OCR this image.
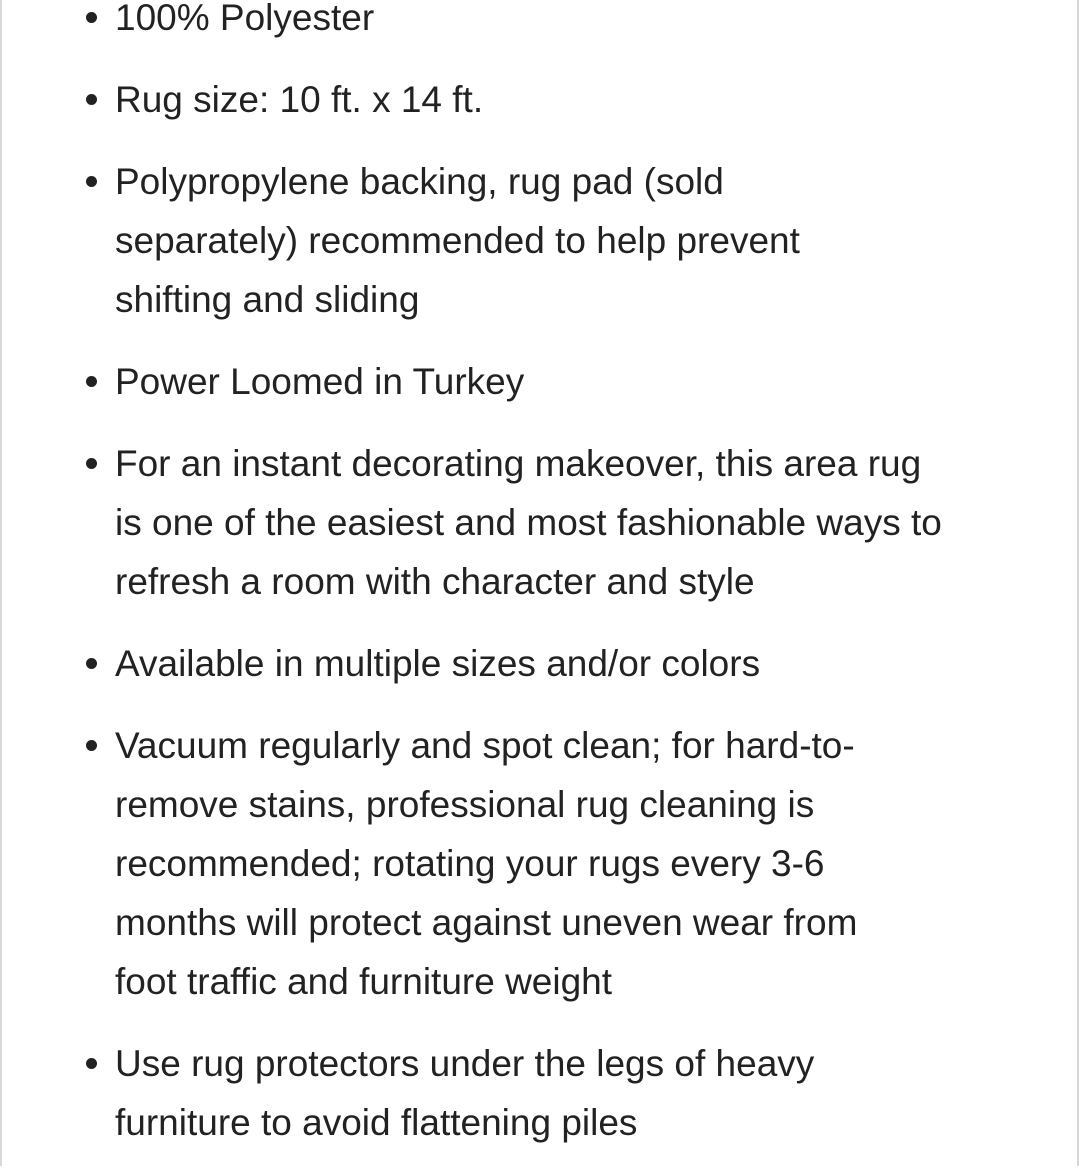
100% Polyester
Rug size: 10 ft. x 14 ft.
Polypropylene backing, rug pad (sold separately) recommended to help prevent shifting and sliding
Power Loomed in Turkey
For an instant decorating makeover, this area rug is one of the easiest and most fashionable ways to refresh a room with character and style
Available in multiple sizes and/or colors
Vacuum regularly and spot clean; for hard-to-remove stains, professional rug cleaning is recommended; rotating your rugs every 3-6 months will protect against uneven wear from foot traffic and furniture weight
Use rug protectors under the legs of heavy furniture to avoid flattening piles
